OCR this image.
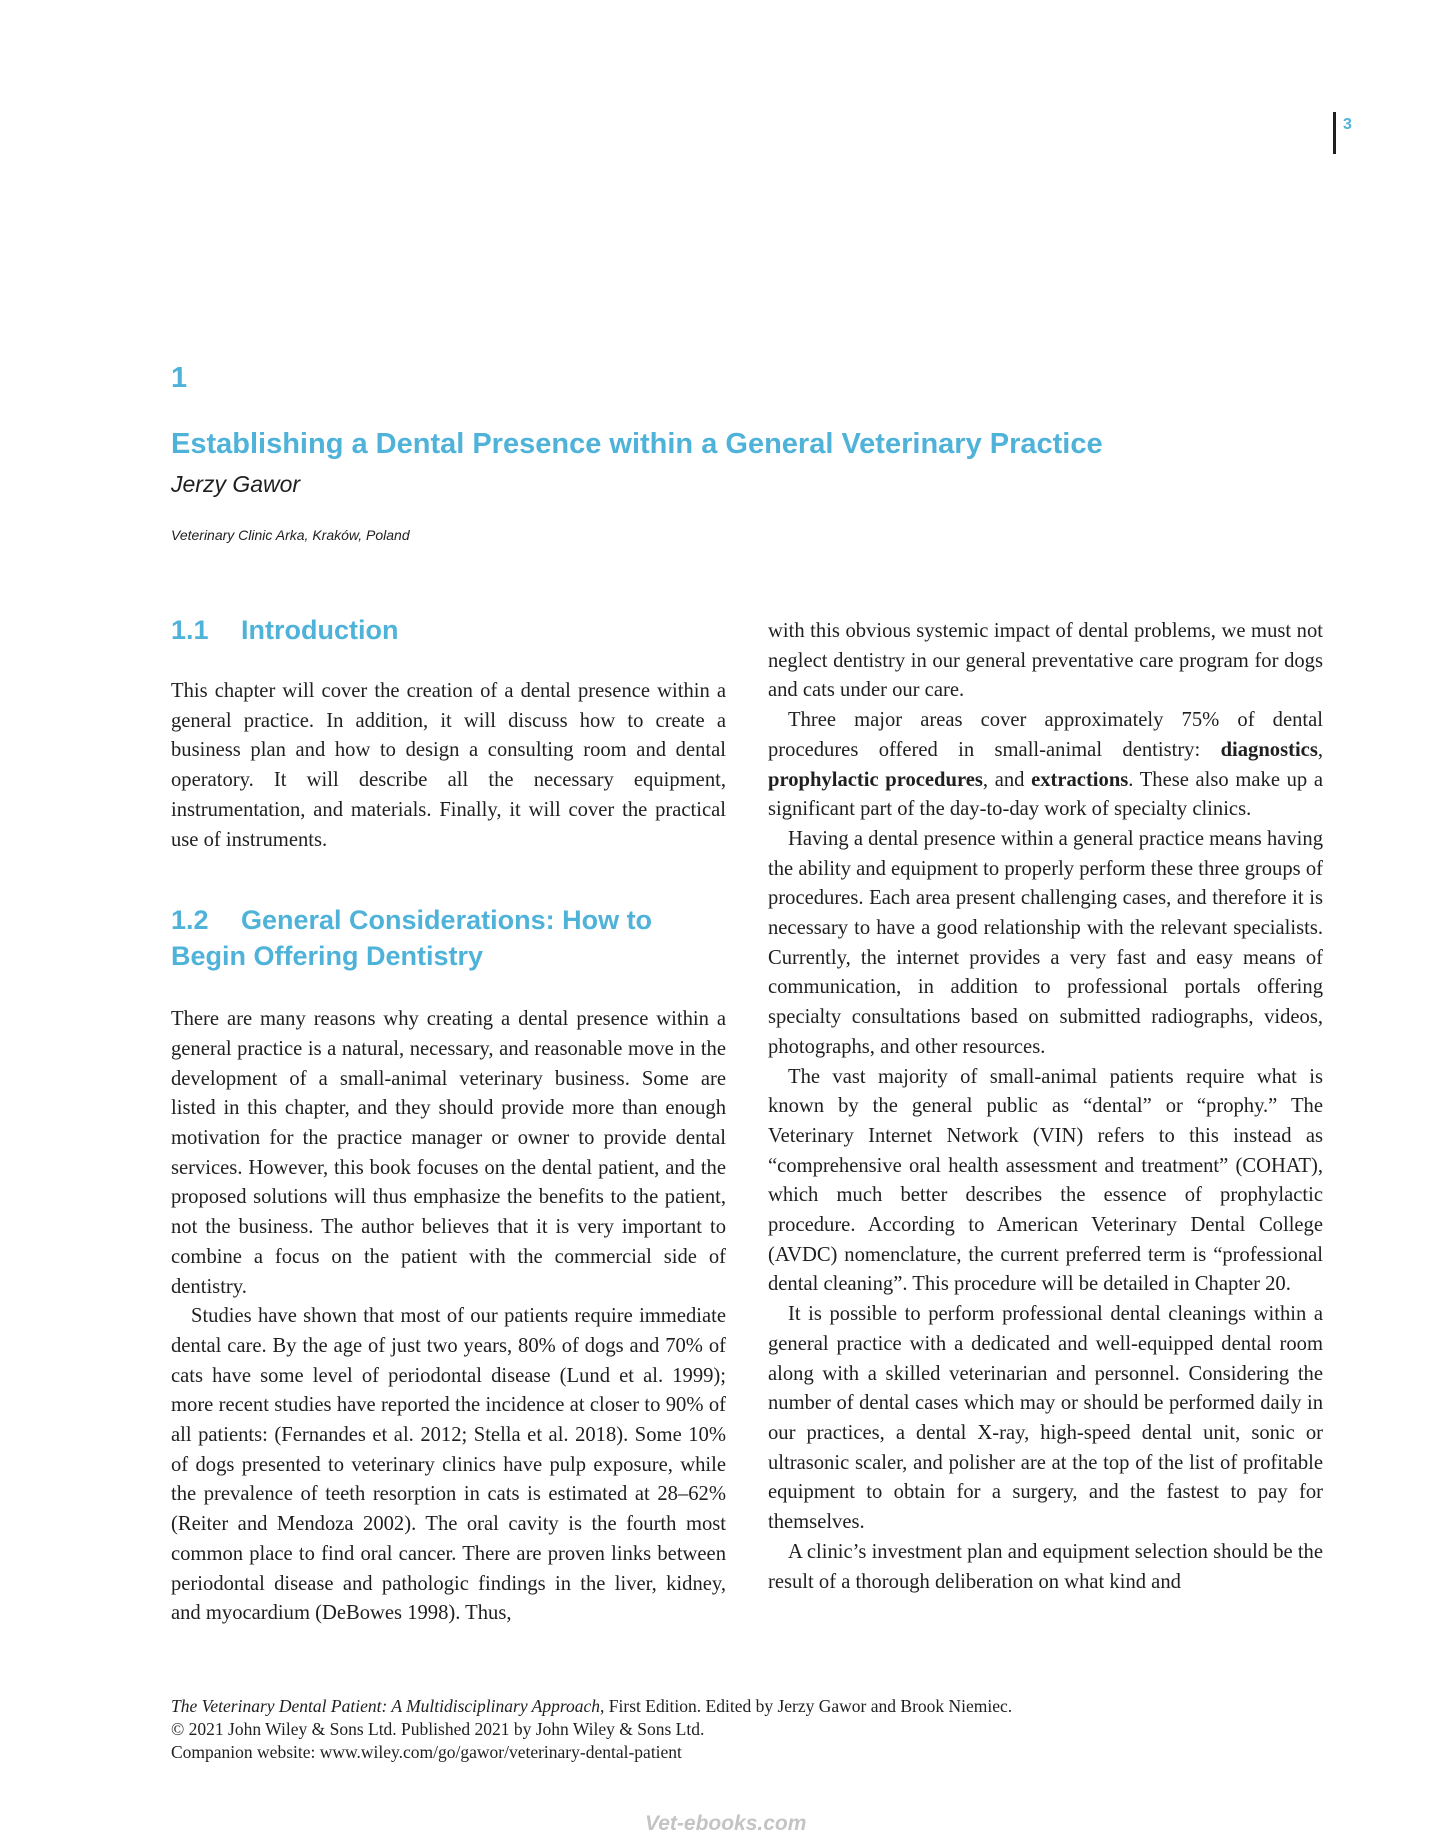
3
1
Establishing a Dental Presence within a General Veterinary Practice
Jerzy Gawor
Veterinary Clinic Arka, Kraków, Poland
1.1 Introduction

This chapter will cover the creation of a dental presence within a general practice. In addition, it will discuss how to create a business plan and how to design a consulting room and dental operatory. It will describe all the necessary equipment, instrumentation, and materials. Finally, it will cover the practical use of instruments.

1.2 General Considerations: How to Begin Offering Dentistry

There are many reasons why creating a dental presence within a general practice is a natural, necessary, and reasonable move in the development of a small-animal veterinary business. Some are listed in this chapter, and they should provide more than enough motivation for the practice manager or owner to provide dental services. However, this book focuses on the dental patient, and the proposed solutions will thus emphasize the benefits to the patient, not the business. The author believes that it is very important to combine a focus on the patient with the commercial side of dentistry.

Studies have shown that most of our patients require immediate dental care. By the age of just two years, 80% of dogs and 70% of cats have some level of periodontal disease (Lund et al. 1999); more recent studies have reported the incidence at closer to 90% of all patients: (Fernandes et al. 2012; Stella et al. 2018). Some 10% of dogs presented to veterinary clinics have pulp exposure, while the prevalence of teeth resorption in cats is estimated at 28–62% (Reiter and Mendoza 2002). The oral cavity is the fourth most common place to find oral cancer. There are proven links between periodontal disease and pathologic findings in the liver, kidney, and myocardium (DeBowes 1998). Thus,

with this obvious systemic impact of dental problems, we must not neglect dentistry in our general preventative care program for dogs and cats under our care.

Three major areas cover approximately 75% of dental procedures offered in small-animal dentistry: diagnostics, prophylactic procedures, and extractions. These also make up a significant part of the day-to-day work of specialty clinics.

Having a dental presence within a general practice means having the ability and equipment to properly perform these three groups of procedures. Each area present challenging cases, and therefore it is necessary to have a good relationship with the relevant specialists. Currently, the internet provides a very fast and easy means of communication, in addition to professional portals offering specialty consultations based on submitted radiographs, videos, photographs, and other resources.

The vast majority of small-animal patients require what is known by the general public as “dental” or “prophy.” The Veterinary Internet Network (VIN) refers to this instead as “comprehensive oral health assessment and treatment” (COHAT), which much better describes the essence of prophylactic procedure. According to American Veterinary Dental College (AVDC) nomenclature, the current preferred term is “professional dental cleaning”. This procedure will be detailed in Chapter 20.

It is possible to perform professional dental cleanings within a general practice with a dedicated and well-equipped dental room along with a skilled veterinarian and personnel. Considering the number of dental cases which may or should be performed daily in our practices, a dental X-ray, high-speed dental unit, sonic or ultrasonic scaler, and polisher are at the top of the list of profitable equipment to obtain for a surgery, and the fastest to pay for themselves.

A clinic’s investment plan and equipment selection should be the result of a thorough deliberation on what kind and

The Veterinary Dental Patient: A Multidisciplinary Approach, First Edition. Edited by Jerzy Gawor and Brook Niemiec.
© 2021 John Wiley & Sons Ltd. Published 2021 by John Wiley & Sons Ltd.
Companion website: www.wiley.com/go/gawor/veterinary-dental-patient
Vet-ebooks.com
